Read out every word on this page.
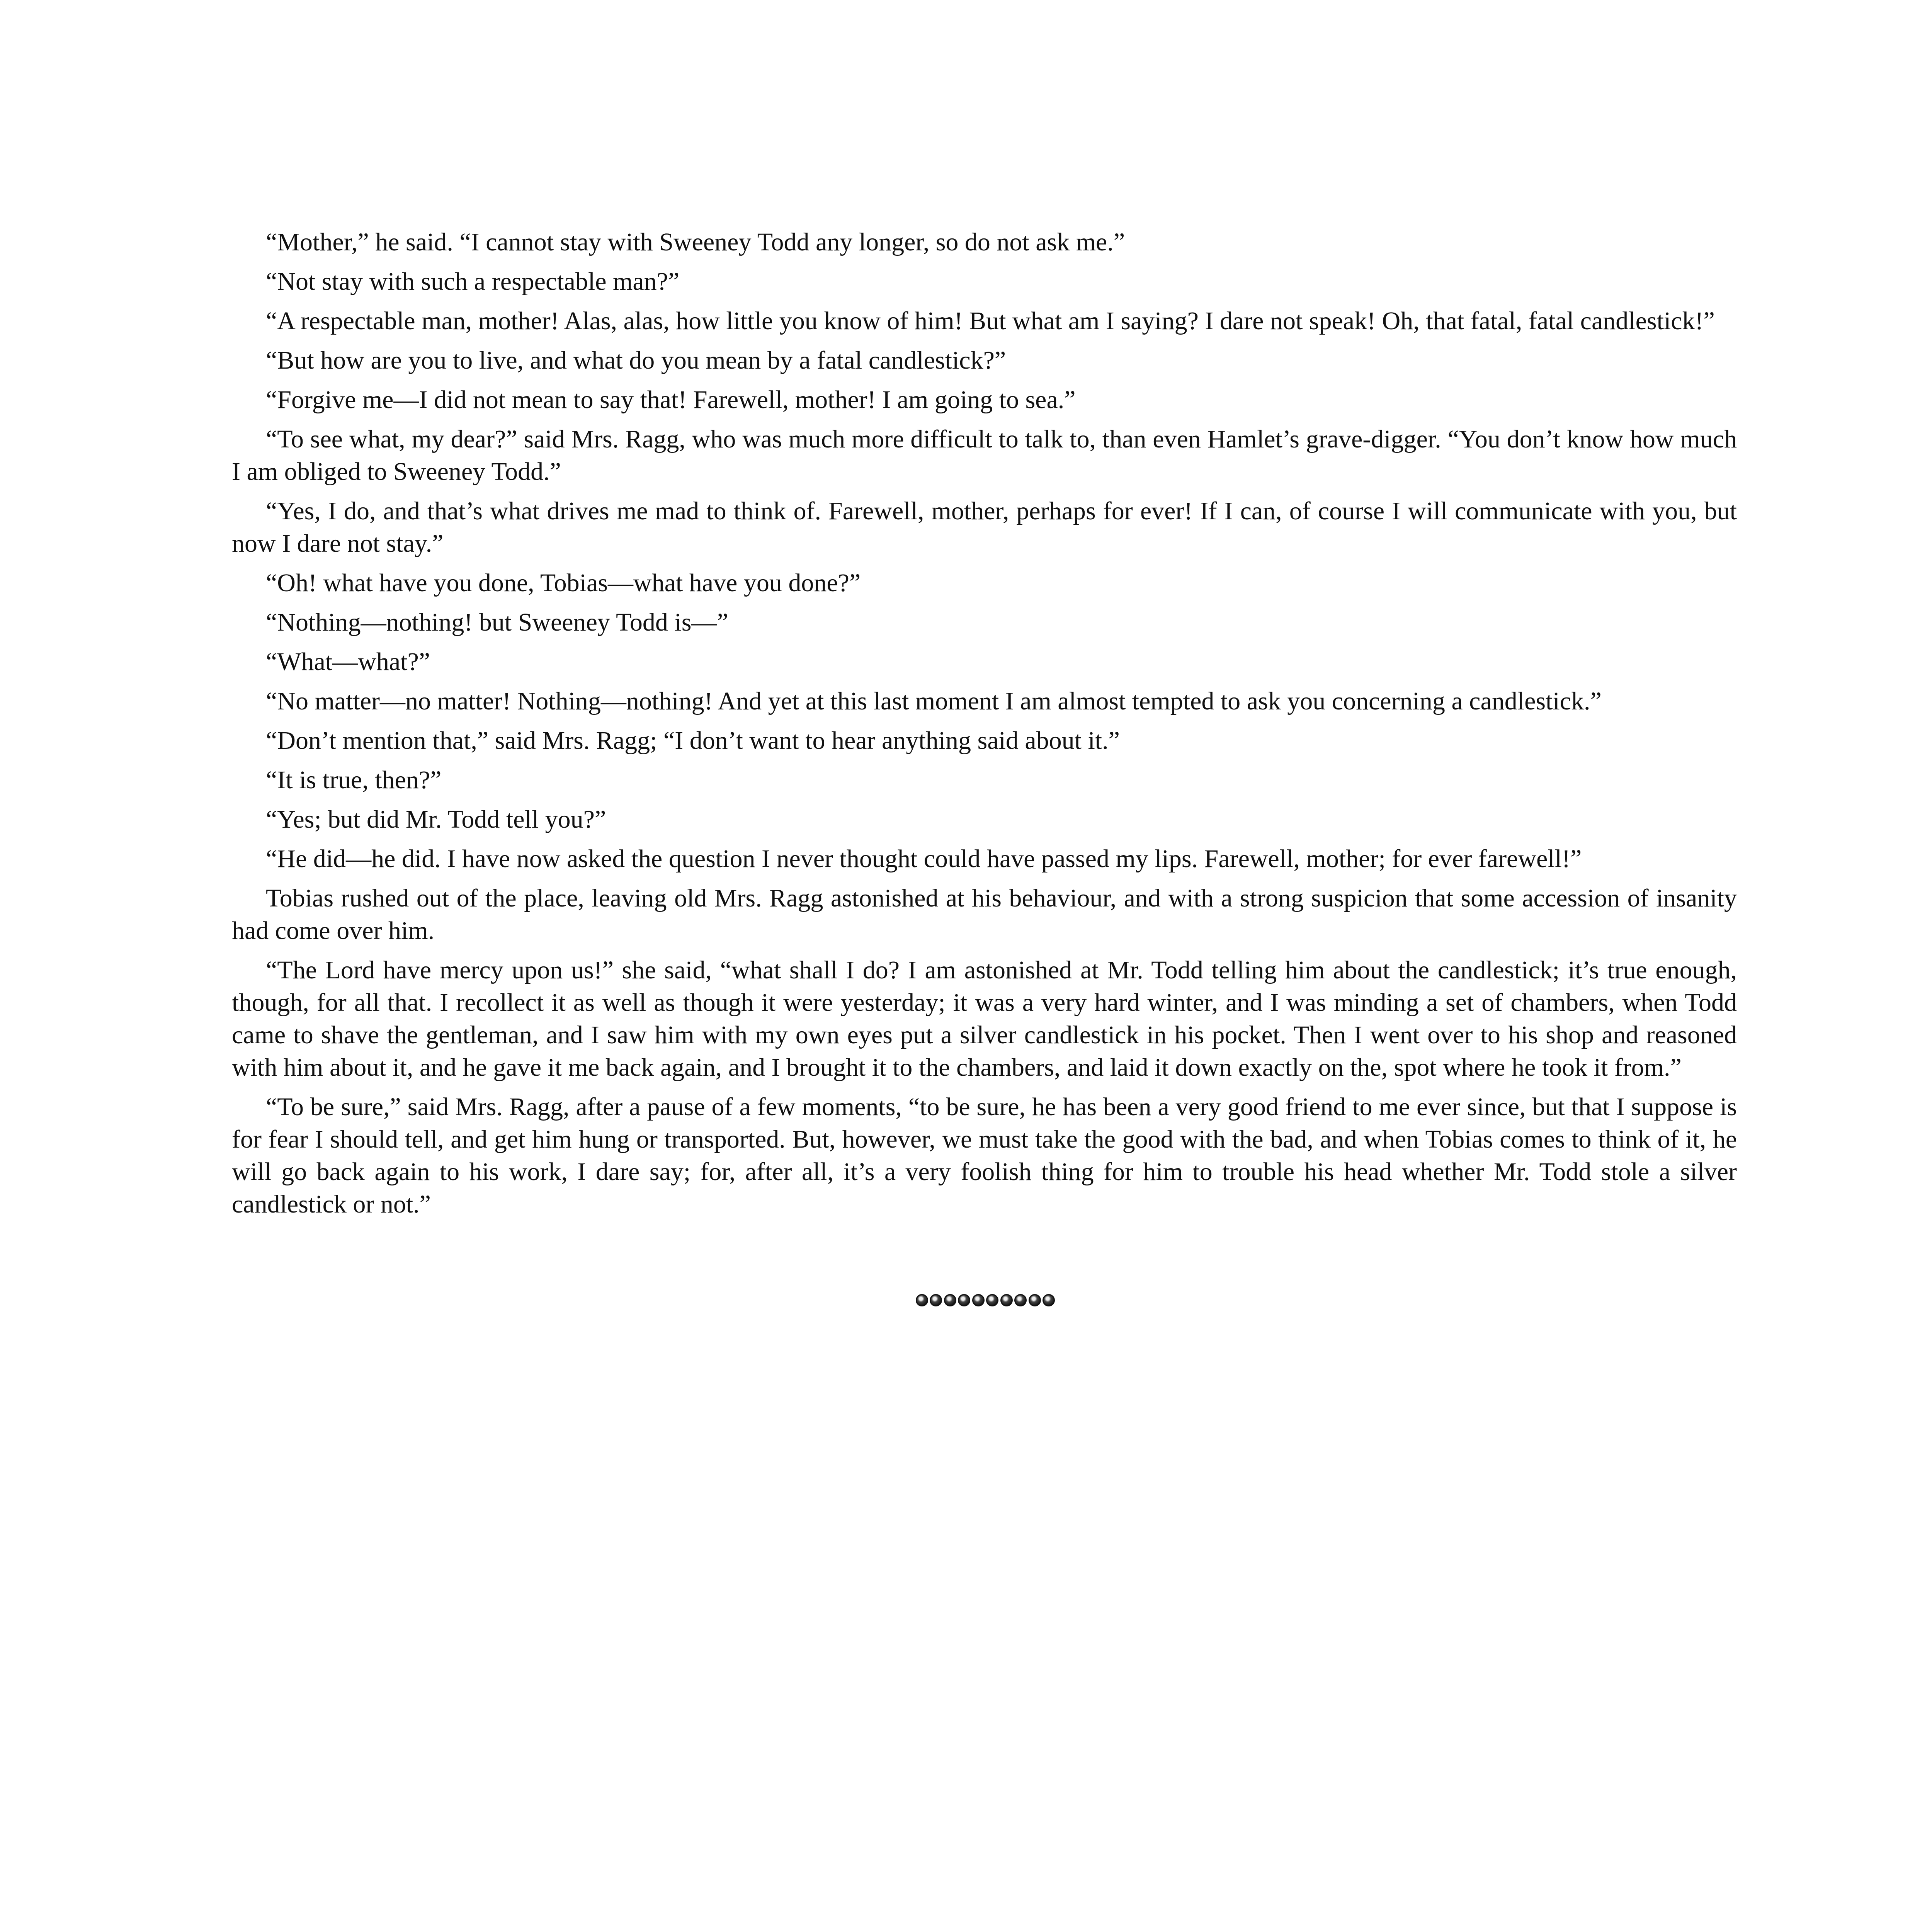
“Mother,” he said. “I cannot stay with Sweeney Todd any longer, so do not ask me.”

“Not stay with such a respectable man?”

“A respectable man, mother! Alas, alas, how little you know of him! But what am I saying? I dare not speak! Oh, that fatal, fatal candlestick!”

“But how are you to live, and what do you mean by a fatal candlestick?”

“Forgive me—I did not mean to say that! Farewell, mother! I am going to sea.”

“To see what, my dear?” said Mrs. Ragg, who was much more difficult to talk to, than even Hamlet’s grave-digger. “You don’t know how much I am obliged to Sweeney Todd.”

“Yes, I do, and that’s what drives me mad to think of. Farewell, mother, perhaps for ever! If I can, of course I will communicate with you, but now I dare not stay.”

“Oh! what have you done, Tobias—what have you done?”

“Nothing—nothing! but Sweeney Todd is—”

“What—what?”

“No matter—no matter! Nothing—nothing! And yet at this last moment I am almost tempted to ask you concerning a candlestick.”

“Don’t mention that,” said Mrs. Ragg; “I don’t want to hear anything said about it.”

“It is true, then?”

“Yes; but did Mr. Todd tell you?”

“He did—he did. I have now asked the question I never thought could have passed my lips. Farewell, mother; for ever farewell!”

Tobias rushed out of the place, leaving old Mrs. Ragg astonished at his behaviour, and with a strong suspicion that some accession of insanity had come over him.

“The Lord have mercy upon us!” she said, “what shall I do? I am astonished at Mr. Todd telling him about the candlestick; it’s true enough, though, for all that. I recollect it as well as though it were yesterday; it was a very hard winter, and I was minding a set of chambers, when Todd came to shave the gentleman, and I saw him with my own eyes put a silver candlestick in his pocket. Then I went over to his shop and reasoned with him about it, and he gave it me back again, and I brought it to the chambers, and laid it down exactly on the, spot where he took it from.”

“To be sure,” said Mrs. Ragg, after a pause of a few moments, “to be sure, he has been a very good friend to me ever since, but that I suppose is for fear I should tell, and get him hung or transported. But, however, we must take the good with the bad, and when Tobias comes to think of it, he will go back again to his work, I dare say; for, after all, it’s a very foolish thing for him to trouble his head whether Mr. Todd stole a silver candlestick or not.”
